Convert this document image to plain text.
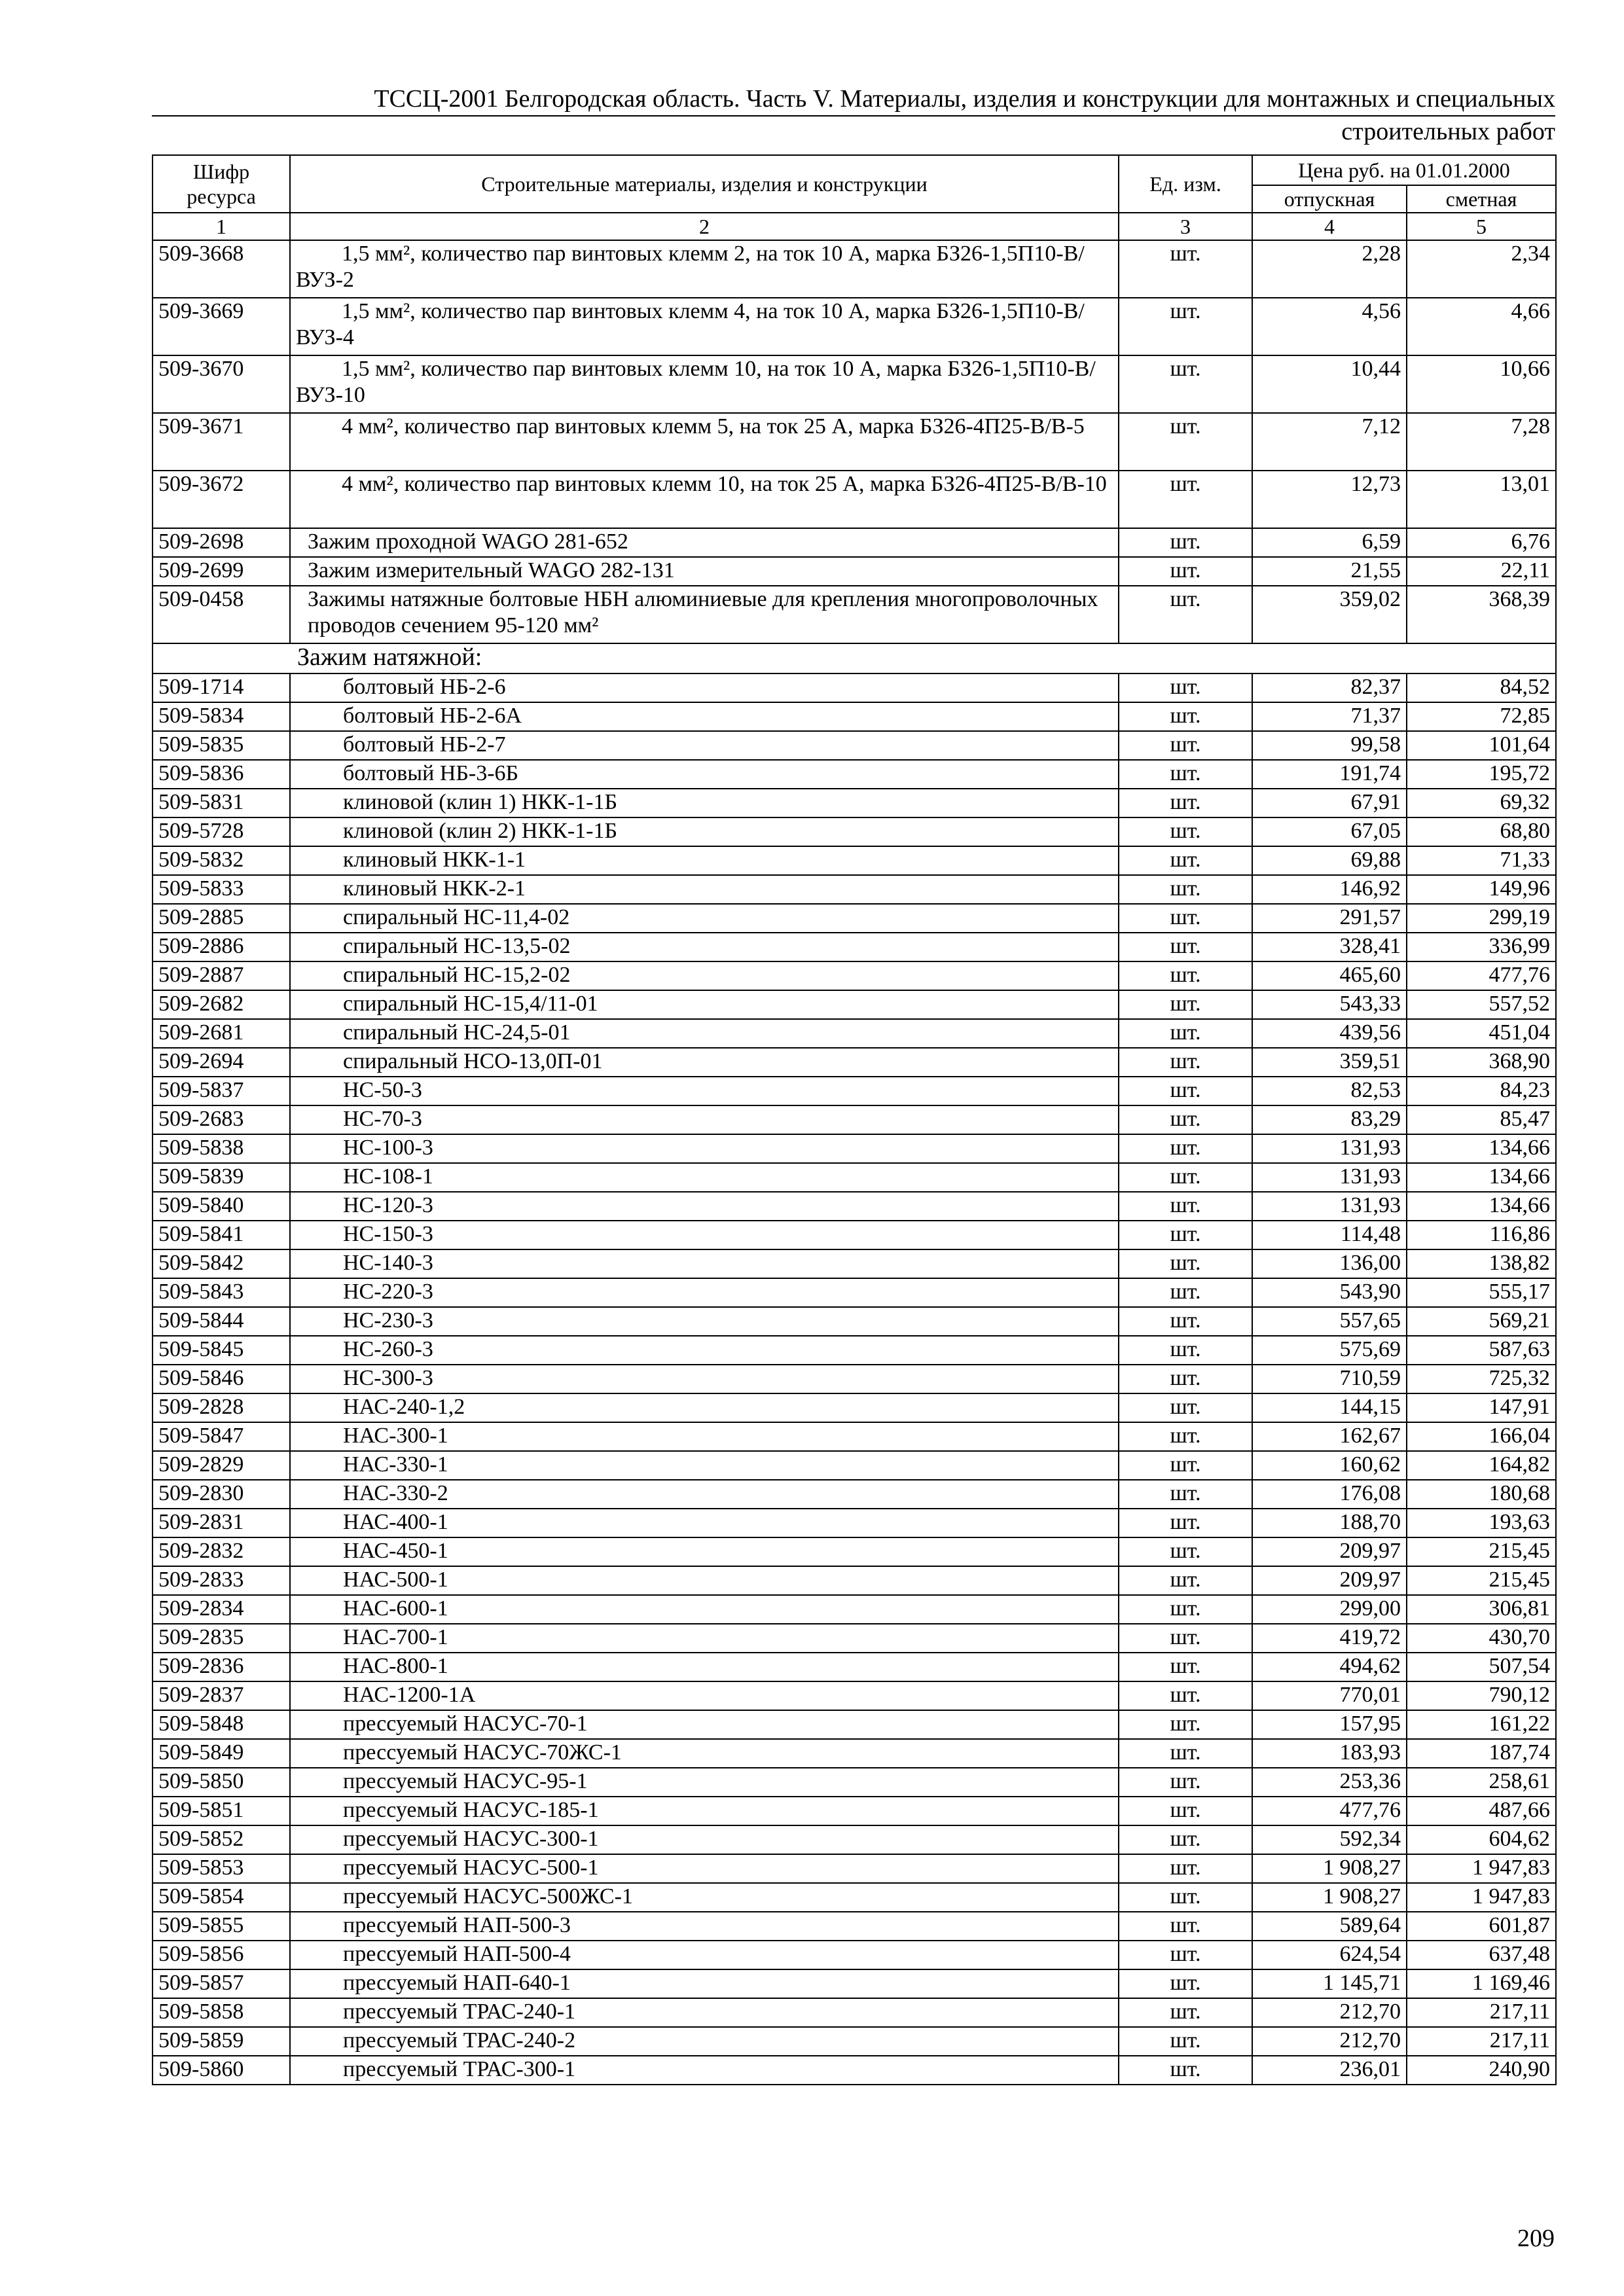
ТССЦ-2001 Белгородская область. Часть V. Материалы, изделия и конструкции для монтажных и специальных
строительных работ
Шифр ресурса	Строительные материалы, изделия и конструкции	Ед. изм.	Цена руб. на 01.01.2000	
			отпускная	сметная
1	2	3	4	5
509-3668	1,5 мм², количество пар винтовых клемм 2, на ток 10 А, марка БЗ26-1,5П10-В/ВУЗ-2	шт.	2,28	2,34
509-3669	1,5 мм², количество пар винтовых клемм 4, на ток 10 А, марка БЗ26-1,5П10-В/ВУЗ-4	шт.	4,56	4,66
509-3670	1,5 мм², количество пар винтовых клемм 10, на ток 10 А, марка БЗ26-1,5П10-В/ВУЗ-10	шт.	10,44	10,66
509-3671	4 мм², количество пар винтовых клемм 5, на ток 25 А, марка БЗ26-4П25-В/В-5	шт.	7,12	7,28
509-3672	4 мм², количество пар винтовых клемм 10, на ток 25 А, марка БЗ26-4П25-В/В-10	шт.	12,73	13,01
509-2698	Зажим проходной WAGO 281-652	шт.	6,59	6,76
509-2699	Зажим измерительный WAGO 282-131	шт.	21,55	22,11
509-0458	Зажимы натяжные болтовые НБН алюминиевые для крепления многопроволочных проводов сечением 95-120 мм²	шт.	359,02	368,39
Зажим натяжной:				
509-1714	болтовый НБ-2-6	шт.	82,37	84,52
509-5834	болтовый НБ-2-6А	шт.	71,37	72,85
509-5835	болтовый НБ-2-7	шт.	99,58	101,64
509-5836	болтовый НБ-3-6Б	шт.	191,74	195,72
509-5831	клиновой (клин 1) НКК-1-1Б	шт.	67,91	69,32
509-5728	клиновой (клин 2) НКК-1-1Б	шт.	67,05	68,80
509-5832	клиновый НКК-1-1	шт.	69,88	71,33
509-5833	клиновый НКК-2-1	шт.	146,92	149,96
509-2885	спиральный НС-11,4-02	шт.	291,57	299,19
509-2886	спиральный НС-13,5-02	шт.	328,41	336,99
509-2887	спиральный НС-15,2-02	шт.	465,60	477,76
509-2682	спиральный НС-15,4/11-01	шт.	543,33	557,52
509-2681	спиральный НС-24,5-01	шт.	439,56	451,04
509-2694	спиральный НСО-13,0П-01	шт.	359,51	368,90
509-5837	НС-50-3	шт.	82,53	84,23
509-2683	НС-70-3	шт.	83,29	85,47
509-5838	НС-100-3	шт.	131,93	134,66
509-5839	НС-108-1	шт.	131,93	134,66
509-5840	НС-120-3	шт.	131,93	134,66
509-5841	НС-150-3	шт.	114,48	116,86
509-5842	НС-140-3	шт.	136,00	138,82
509-5843	НС-220-3	шт.	543,90	555,17
509-5844	НС-230-3	шт.	557,65	569,21
509-5845	НС-260-3	шт.	575,69	587,63
509-5846	НС-300-3	шт.	710,59	725,32
509-2828	НАС-240-1,2	шт.	144,15	147,91
509-5847	НАС-300-1	шт.	162,67	166,04
509-2829	НАС-330-1	шт.	160,62	164,82
509-2830	НАС-330-2	шт.	176,08	180,68
509-2831	НАС-400-1	шт.	188,70	193,63
509-2832	НАС-450-1	шт.	209,97	215,45
509-2833	НАС-500-1	шт.	209,97	215,45
509-2834	НАС-600-1	шт.	299,00	306,81
509-2835	НАС-700-1	шт.	419,72	430,70
509-2836	НАС-800-1	шт.	494,62	507,54
509-2837	НАС-1200-1А	шт.	770,01	790,12
509-5848	прессуемый НАСУС-70-1	шт.	157,95	161,22
509-5849	прессуемый НАСУС-70ЖС-1	шт.	183,93	187,74
509-5850	прессуемый НАСУС-95-1	шт.	253,36	258,61
509-5851	прессуемый НАСУС-185-1	шт.	477,76	487,66
509-5852	прессуемый НАСУС-300-1	шт.	592,34	604,62
509-5853	прессуемый НАСУС-500-1	шт.	1 908,27	1 947,83
509-5854	прессуемый НАСУС-500ЖС-1	шт.	1 908,27	1 947,83
509-5855	прессуемый НАП-500-3	шт.	589,64	601,87
509-5856	прессуемый НАП-500-4	шт.	624,54	637,48
509-5857	прессуемый НАП-640-1	шт.	1 145,71	1 169,46
509-5858	прессуемый ТРАС-240-1	шт.	212,70	217,11
509-5859	прессуемый ТРАС-240-2	шт.	212,70	217,11
509-5860	прессуемый ТРАС-300-1	шт.	236,01	240,90
209
